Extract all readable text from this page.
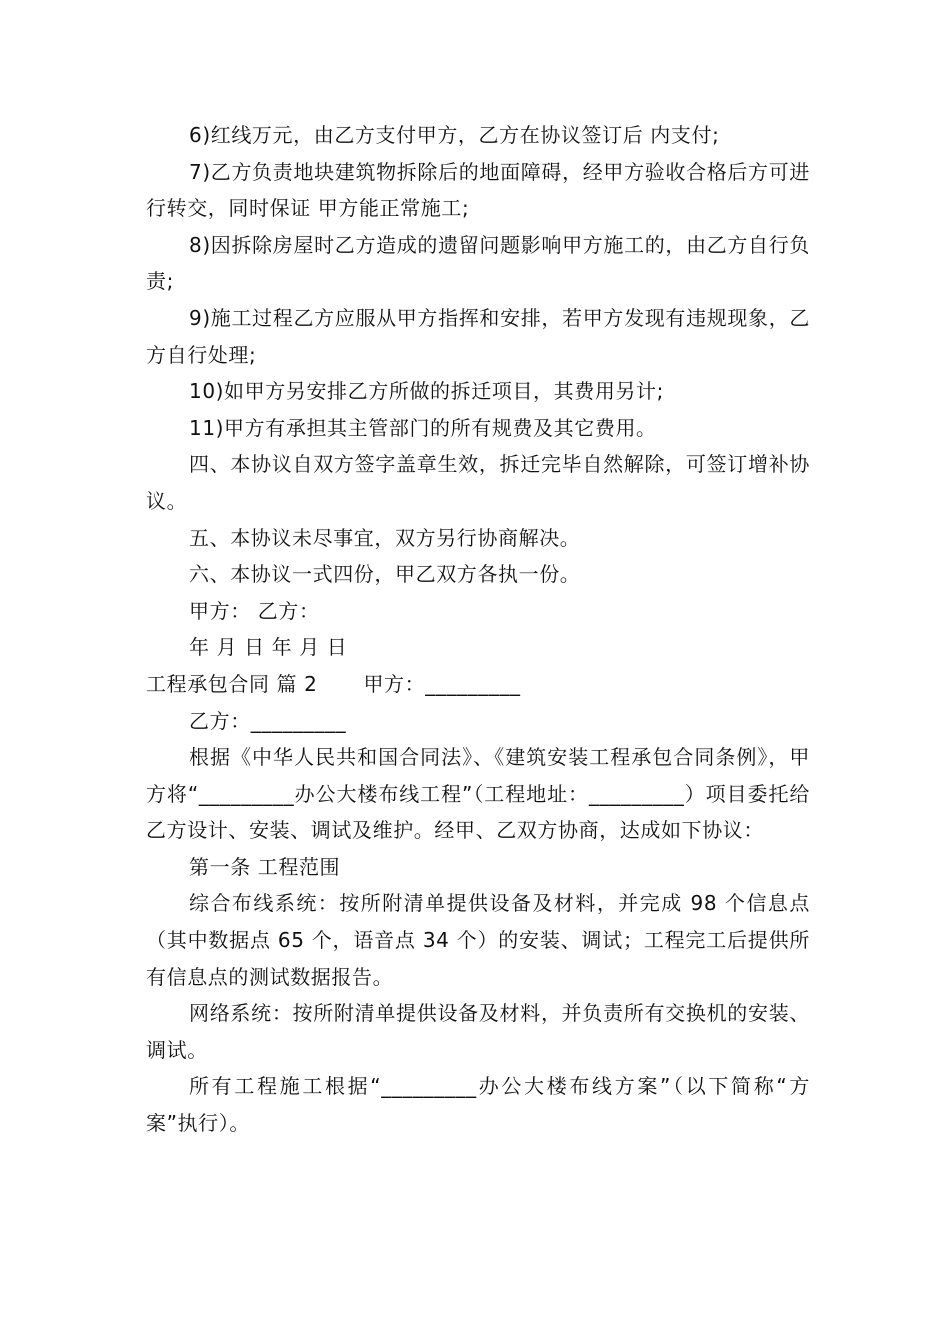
6)红线万元，由乙方支付甲方，乙方在协议签订后 内支付;

7)乙方负责地块建筑物拆除后的地面障碍，经甲方验收合格后方可进行转交，同时保证 甲方能正常施工;

8)因拆除房屋时乙方造成的遗留问题影响甲方施工的，由乙方自行负责;

9)施工过程乙方应服从甲方指挥和安排，若甲方发现有违规现象，乙方自行处理;

10)如甲方另安排乙方所做的拆迁项目，其费用另计;

11)甲方有承担其主管部门的所有规费及其它费用。

四、本协议自双方签字盖章生效，拆迁完毕自然解除，可签订增补协议。

五、本协议未尽事宜，双方另行协商解决。

六、本协议一式四份，甲乙双方各执一份。

甲方： 乙方：

年 月 日 年 月 日

工程承包合同 篇 2 甲方：_________

乙方：_________

根据《中华人民共和国合同法》、《建筑安装工程承包合同条例》，甲方将“_________办公大楼布线工程”（工程地址：_________）项目委托给乙方设计、安装、调试及维护。经甲、乙双方协商，达成如下协议：

第一条 工程范围

综合布线系统：按所附清单提供设备及材料，并完成 98 个信息点（其中数据点 65 个，语音点 34 个）的安装、调试；工程完工后提供所有信息点的测试数据报告。

网络系统：按所附清单提供设备及材料，并负责所有交换机的安装、调试。

所有工程施工根据“_________办公大楼布线方案”（以下简称“方案”执行）。
